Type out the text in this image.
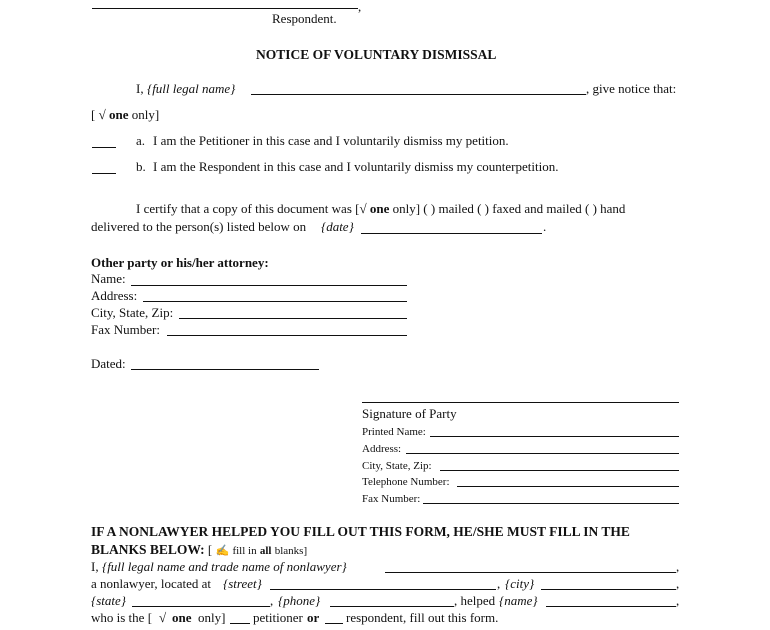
,
Respondent.
NOTICE OF VOLUNTARY DISMISSAL
I, {full legal name}	, give notice that:
[ √ one only]
a. I am the Petitioner in this case and I voluntarily dismiss my petition.
b. I am the Respondent in this case and I voluntarily dismiss my counterpetition.
I certify that a copy of this document was [√ one only] ( ) mailed ( ) faxed and mailed ( ) hand
delivered to the person(s) listed below on {date}	.
Other party or his/her attorney:
Name:
Address:
City, State, Zip:
Fax Number:
Dated:
Signature of Party
Printed Name:
Address:
City, State, Zip:
Telephone Number:
Fax Number:
IF A NONLAWYER HELPED YOU FILL OUT THIS FORM, HE/SHE MUST FILL IN THE
BLANKS BELOW: [ ✍ fill in all blanks]
I, {full legal name and trade name of nonlawyer}	,
a nonlawyer, located at {street}	, {city}	,
{state}	, {phone}	, helped {name}	,
who is the [ √ one only] petitioner or respondent, fill out this form.
